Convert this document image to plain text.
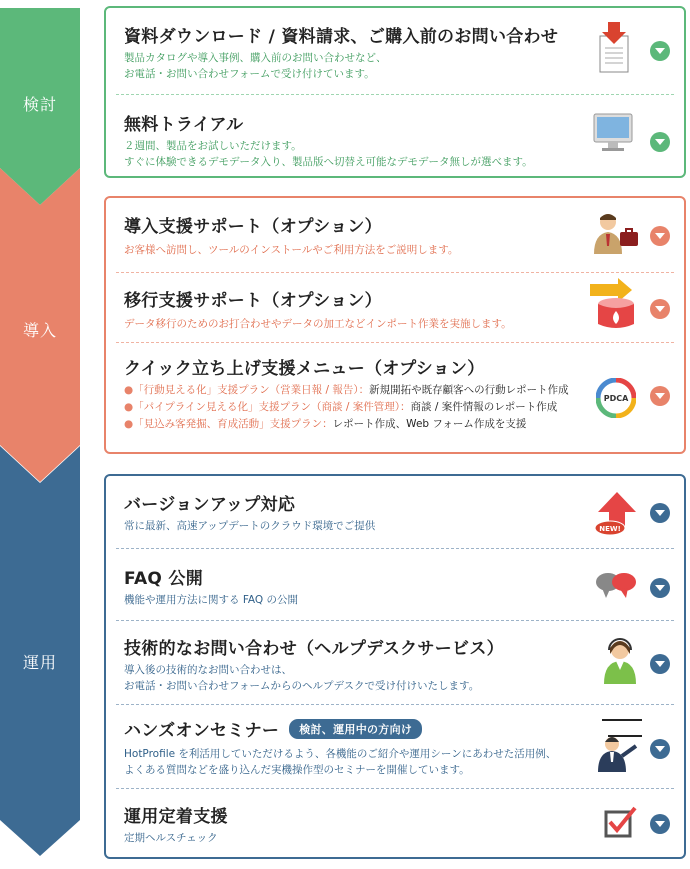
検討
導入
運用
資料ダウンロード / 資料請求、ご購入前のお問い合わせ
製品カタログや導入事例、購入前のお問い合わせなど、
お電話・お問い合わせフォームで受け付けています。
無料トライアル
２週間、製品をお試しいただけます。
すぐに体験できるデモデータ入り、製品版へ切替え可能なデモデータ無しが選べます。
導入支援サポート（オプション）
お客様へ訪問し、ツールのインストールやご利用方法をご説明します。
移行支援サポート（オプション）
データ移行のためのお打合わせやデータの加工などインポート作業を実施します。
クイック立ち上げ支援メニュー（オプション）
●「行動見える化」支援プラン（営業日報 / 報告）：新規開拓や既存顧客への行動レポート作成
●「パイプライン見える化」支援プラン（商談 / 案件管理）：商談 / 案件情報のレポート作成
●「見込み客発掘、育成活動」支援プラン：レポート作成、Web フォーム作成を支援
PDCA
バージョンアップ対応
常に最新、高速アップデートのクラウド環境でご提供	NEW!
FAQ 公開
機能や運用方法に関する FAQ の公開
技術的なお問い合わせ（ヘルプデスクサービス）
導入後の技術的なお問い合わせは、
お電話・お問い合わせフォームからのヘルプデスクで受け付けいたします。
ハンズオンセミナー 検討、運用中の方向け
HotProfile を利活用していただけるよう、各機能のご紹介や運用シーンにあわせた活用例、
よくある質問などを盛り込んだ実機操作型のセミナーを開催しています。
運用定着支援
定期ヘルスチェック
